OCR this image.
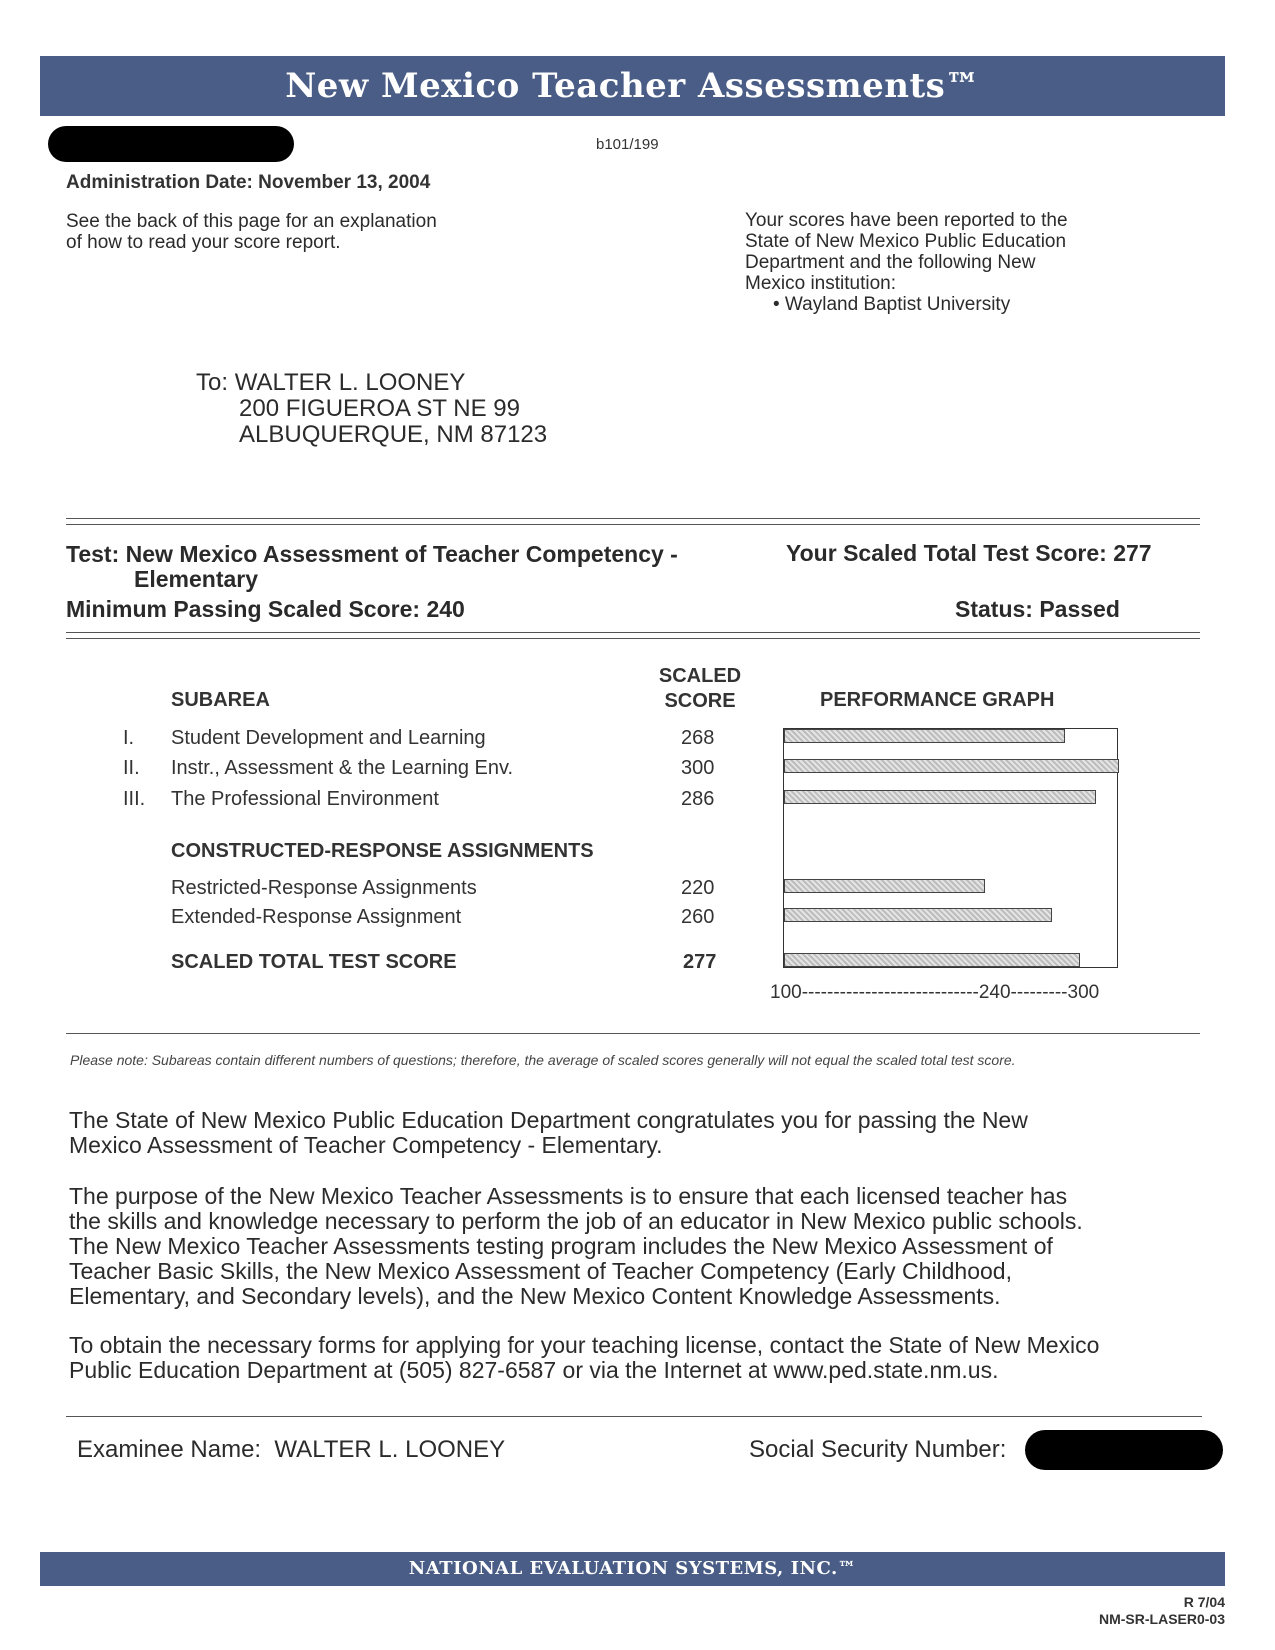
New Mexico Teacher Assessments™
b101/199
Administration Date: November 13, 2004
See the back of this page for an explanation
of how to read your score report.
Your scores have been reported to the
State of New Mexico Public Education
Department and the following New
Mexico institution:
• Wayland Baptist University
To: WALTER L. LOONEY
200 FIGUEROA ST NE 99
ALBUQUERQUE, NM 87123
Test: New Mexico Assessment of Teacher Competency -
Elementary
Your Scaled Total Test Score: 277
Minimum Passing Scaled Score: 240	Status: Passed
SUBAREA
SCALED
SCORE	PERFORMANCE GRAPH
I. Student Development and Learning	268
II. Instr., Assessment & the Learning Env.	300
III. The Professional Environment	286
CONSTRUCTED-RESPONSE ASSIGNMENTS
Restricted-Response Assignments	220
Extended-Response Assignment	260
SCALED TOTAL TEST SCORE	277
100----------------------------240---------300
Please note: Subareas contain different numbers of questions; therefore, the average of scaled scores generally will not equal the scaled total test score.
The State of New Mexico Public Education Department congratulates you for passing the New
Mexico Assessment of Teacher Competency - Elementary.
The purpose of the New Mexico Teacher Assessments is to ensure that each licensed teacher has
the skills and knowledge necessary to perform the job of an educator in New Mexico public schools.
The New Mexico Teacher Assessments testing program includes the New Mexico Assessment of
Teacher Basic Skills, the New Mexico Assessment of Teacher Competency (Early Childhood,
Elementary, and Secondary levels), and the New Mexico Content Knowledge Assessments.
To obtain the necessary forms for applying for your teaching license, contact the State of New Mexico
Public Education Department at (505) 827-6587 or via the Internet at www.ped.state.nm.us.
Examinee Name: WALTER L. LOONEY	Social Security Number:
NATIONAL EVALUATION SYSTEMS, INC.™
R 7/04
NM-SR-LASER0-03
